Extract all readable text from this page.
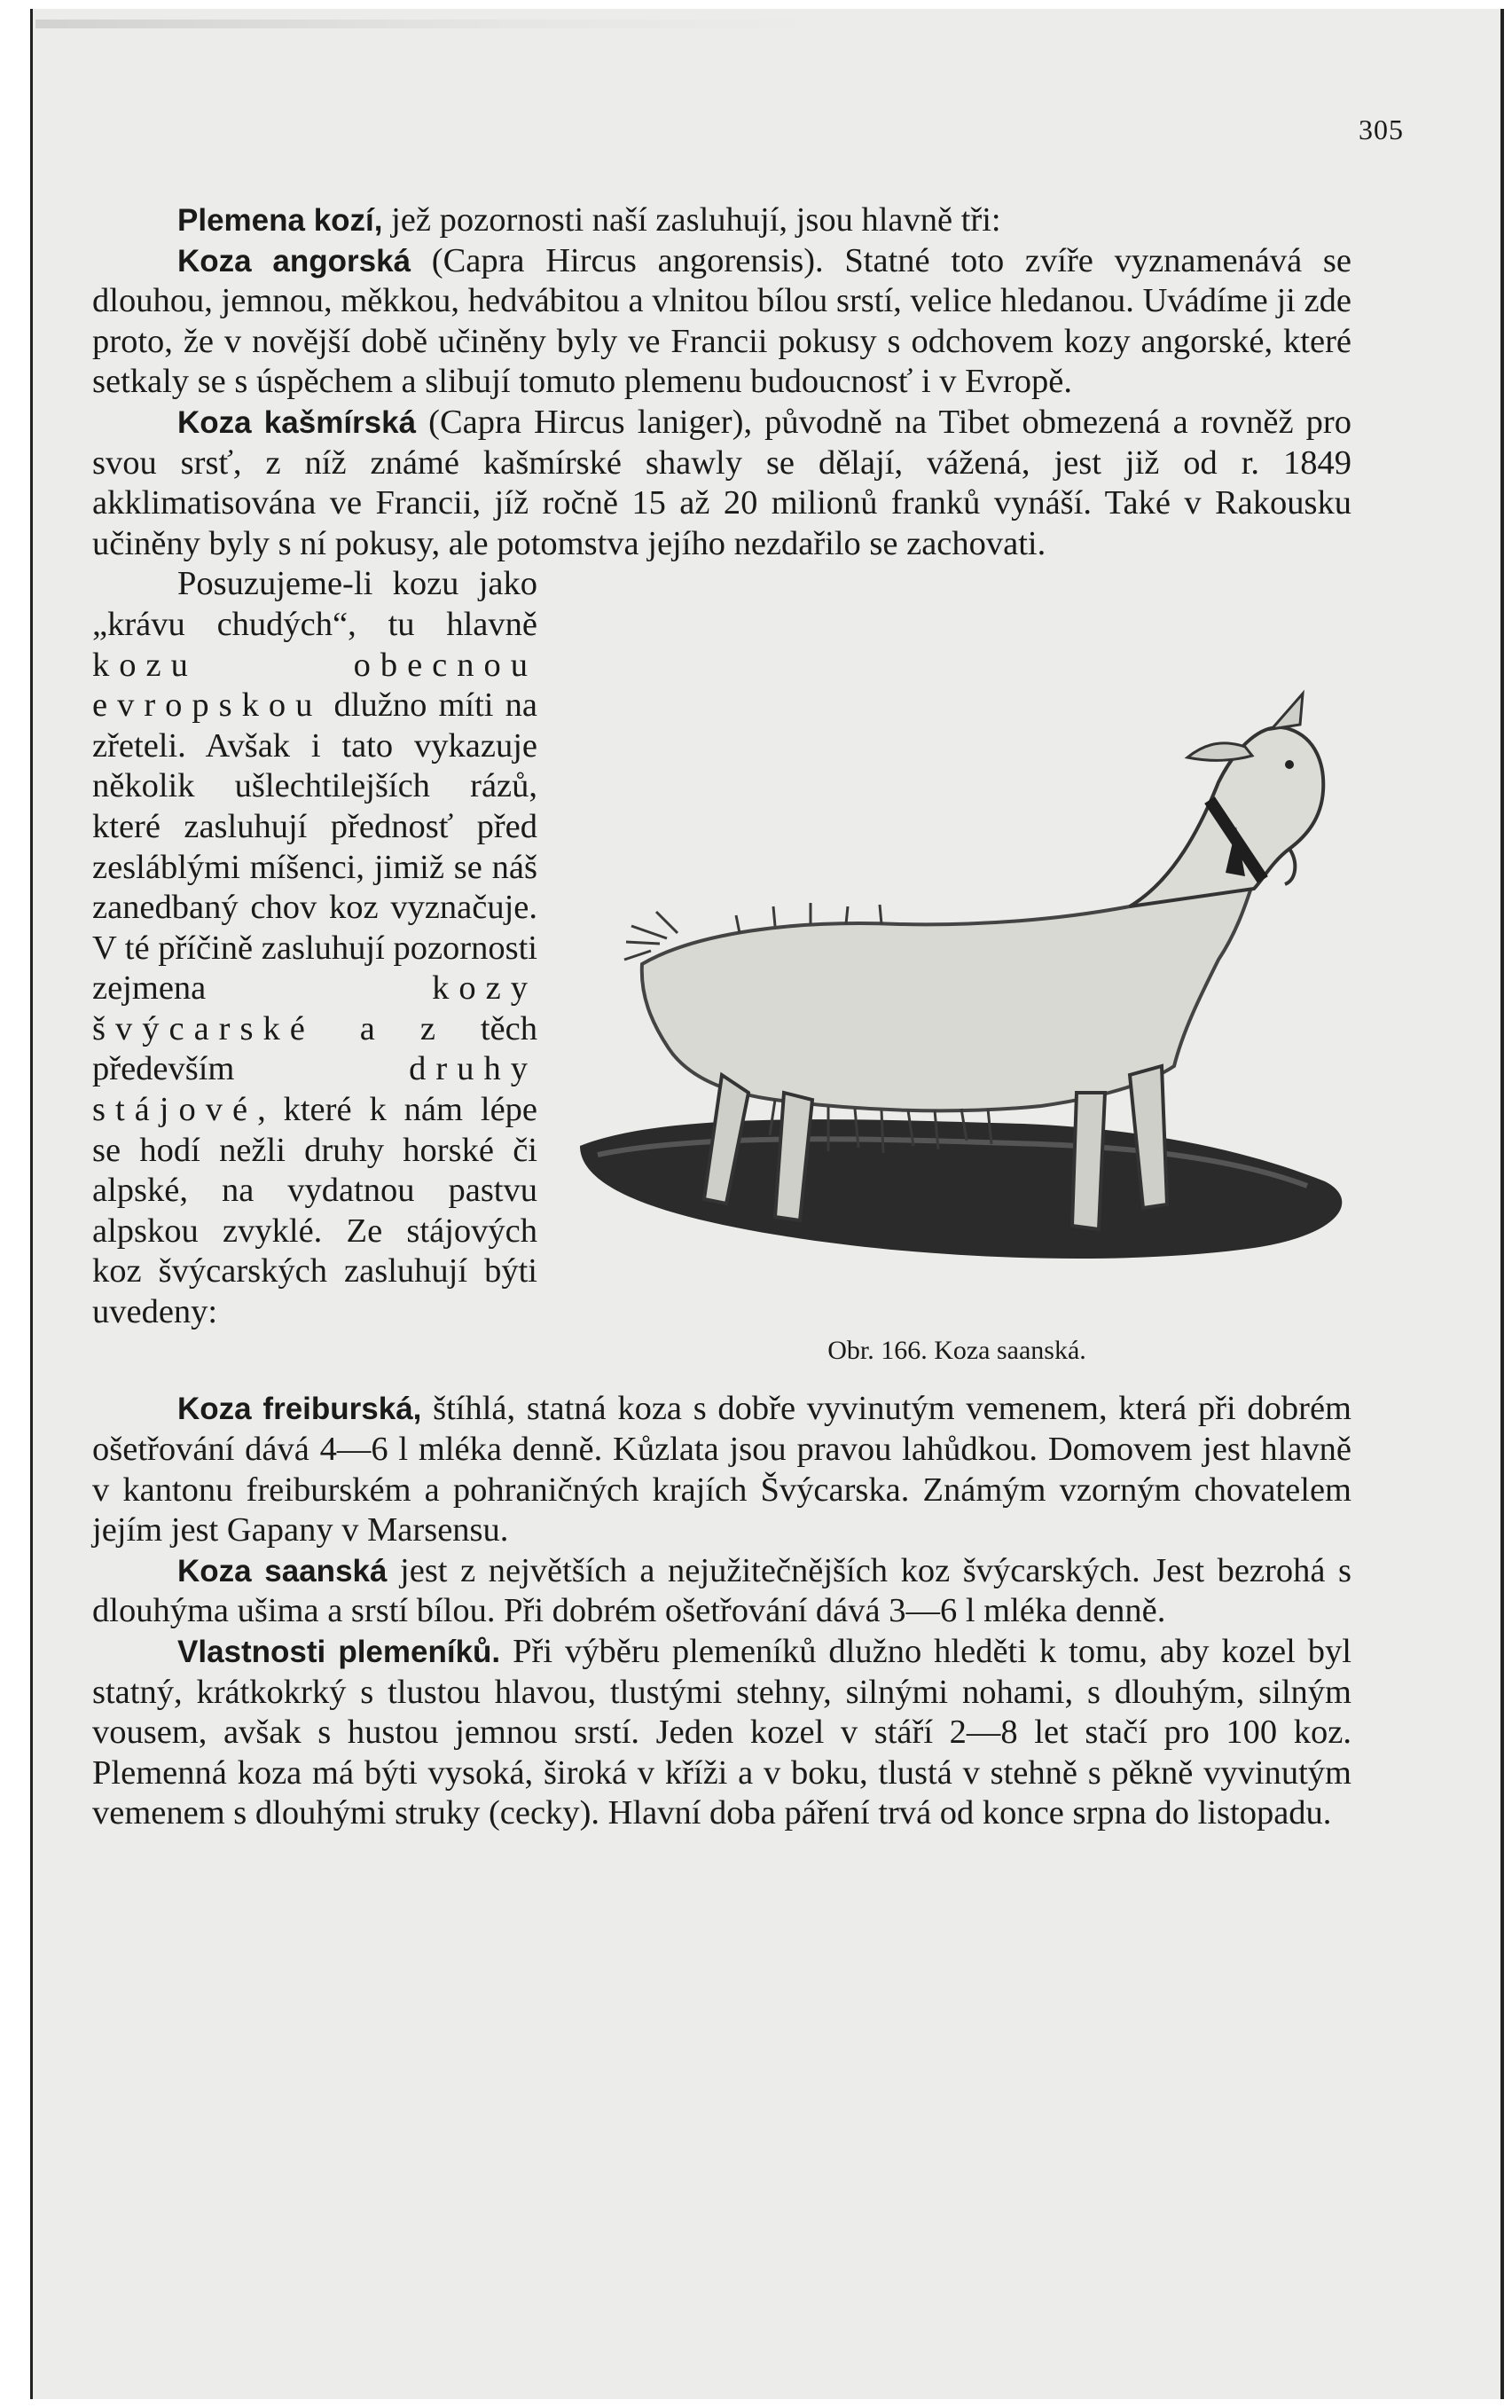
305

Plemena kozí, jež pozornosti naší zasluhují, jsou hlavně tři:

Koza angorská (Capra Hircus angorensis). Statné toto zvíře vyznamenává se dlouhou, jemnou, měkkou, hedvábitou a vlnitou bílou srstí, velice hledanou. Uvádíme ji zde proto, že v novější době učiněny byly ve Francii pokusy s odchovem kozy angorské, které setkaly se s úspěchem a slibují tomuto plemenu budoucnosť i v Evropě.

Koza kašmírská (Capra Hircus laniger), původně na Tibet obmezená a rovněž pro svou srsť, z níž známé kašmírské shawly se dělají, vážená, jest již od r. 1849 akklimatisována ve Francii, jíž ročně 15 až 20 milionů franků vynáší. Také v Rakousku učiněny byly s ní pokusy, ale potomstva jejího nezdařilo se zachovati.

Obr. 166. Koza saanská.

Posuzujeme-li kozu jako „krávu chudých“, tu hlavně kozu obecnou evropskou dlužno míti na zřeteli. Avšak i tato vykazuje několik ušlechtilejších rázů, které zasluhují přednosť před zesláblými míšenci, jimiž se náš zanedbaný chov koz vyznačuje. V té příčině zasluhují pozornosti zejmena kozy švýcarské a z těch především druhy stájové, které k nám lépe se hodí nežli druhy horské či alpské, na vydatnou pastvu alpskou zvyklé. Ze stájových koz švýcarských zasluhují býti uvedeny:

Koza freiburská, štíhlá, statná koza s dobře vyvinutým vemenem, která při dobrém ošetřování dává 4—6 l mléka denně. Kůzlata jsou pravou lahůdkou. Domovem jest hlavně v kantonu freiburském a pohraničných krajích Švýcarska. Známým vzorným chovatelem jejím jest Gapany v Marsensu.

Koza saanská jest z největších a nejužitečnějších koz švýcarských. Jest bezrohá s dlouhýma ušima a srstí bílou. Při dobrém ošetřování dává 3—6 l mléka denně.

Vlastnosti plemeníků. Při výběru plemeníků dlužno hleděti k tomu, aby kozel byl statný, krátkokrký s tlustou hlavou, tlustými stehny, silnými nohami, s dlouhým, silným vousem, avšak s hustou jemnou srstí. Jeden kozel v stáří 2—8 let stačí pro 100 koz. Plemenná koza má býti vysoká, široká v kříži a v boku, tlustá v stehně s pěkně vyvinutým vemenem s dlouhými struky (cecky). Hlavní doba páření trvá od konce srpna do listopadu.
